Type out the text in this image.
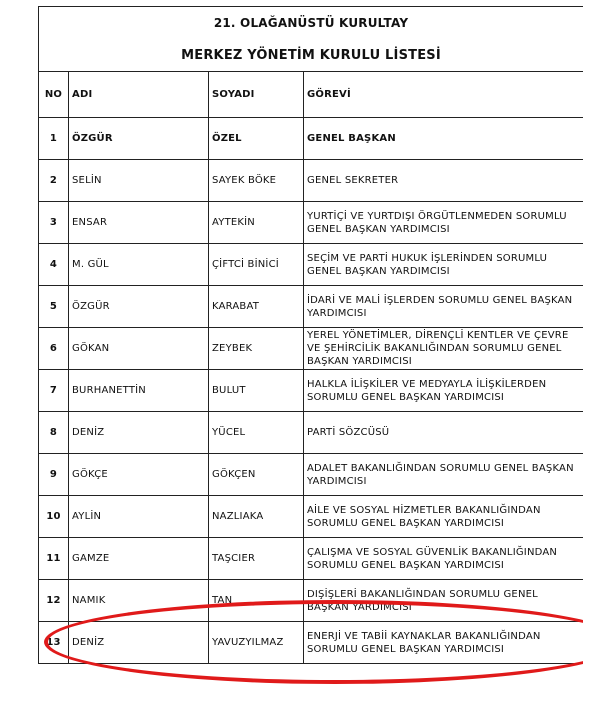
21. OLAĞANÜSTÜ KURULTAY			
MERKEZ YÖNETİM KURULU LİSTESİ			
NO	ADI	SOYADI	GÖREVİ
1	ÖZGÜR	ÖZEL	GENEL BAŞKAN
2	SELİN	SAYEK BÖKE	GENEL SEKRETER
3	ENSAR	AYTEKİN	YURTİÇİ VE YURTDIŞI ÖRGÜTLENMEDEN SORUMLU GENEL BAŞKAN YARDIMCISI
4	M. GÜL	ÇİFTCİ BİNİCİ	SEÇİM VE PARTİ HUKUK İŞLERİNDEN SORUMLU GENEL BAŞKAN YARDIMCISI
5	ÖZGÜR	KARABAT	İDARİ VE MALİ İŞLERDEN SORUMLU GENEL BAŞKAN YARDIMCISI
6	GÖKAN	ZEYBEK	YEREL YÖNETİMLER, DİRENÇLİ KENTLER VE ÇEVRE VE ŞEHİRCİLİK BAKANLIĞINDAN SORUMLU GENEL BAŞKAN YARDIMCISI
7	BURHANETTİN	BULUT	HALKLA İLİŞKİLER VE MEDYAYLA İLİŞKİLERDEN SORUMLU GENEL BAŞKAN YARDIMCISI
8	DENİZ	YÜCEL	PARTİ SÖZCÜSÜ
9	GÖKÇE	GÖKÇEN	ADALET BAKANLIĞINDAN SORUMLU GENEL BAŞKAN YARDIMCISI
10	AYLİN	NAZLIAKA	AİLE VE SOSYAL HİZMETLER BAKANLIĞINDAN SORUMLU GENEL BAŞKAN YARDIMCISI
11	GAMZE	TAŞCIER	ÇALIŞMA VE SOSYAL GÜVENLİK BAKANLIĞINDAN SORUMLU GENEL BAŞKAN YARDIMCISI
12	NAMIK	TAN	DIŞİŞLERİ BAKANLIĞINDAN SORUMLU GENEL BAŞKAN YARDIMCISI
13	DENİZ	YAVUZYILMAZ	ENERJİ VE TABİİ KAYNAKLAR BAKANLIĞINDAN SORUMLU GENEL BAŞKAN YARDIMCISI
